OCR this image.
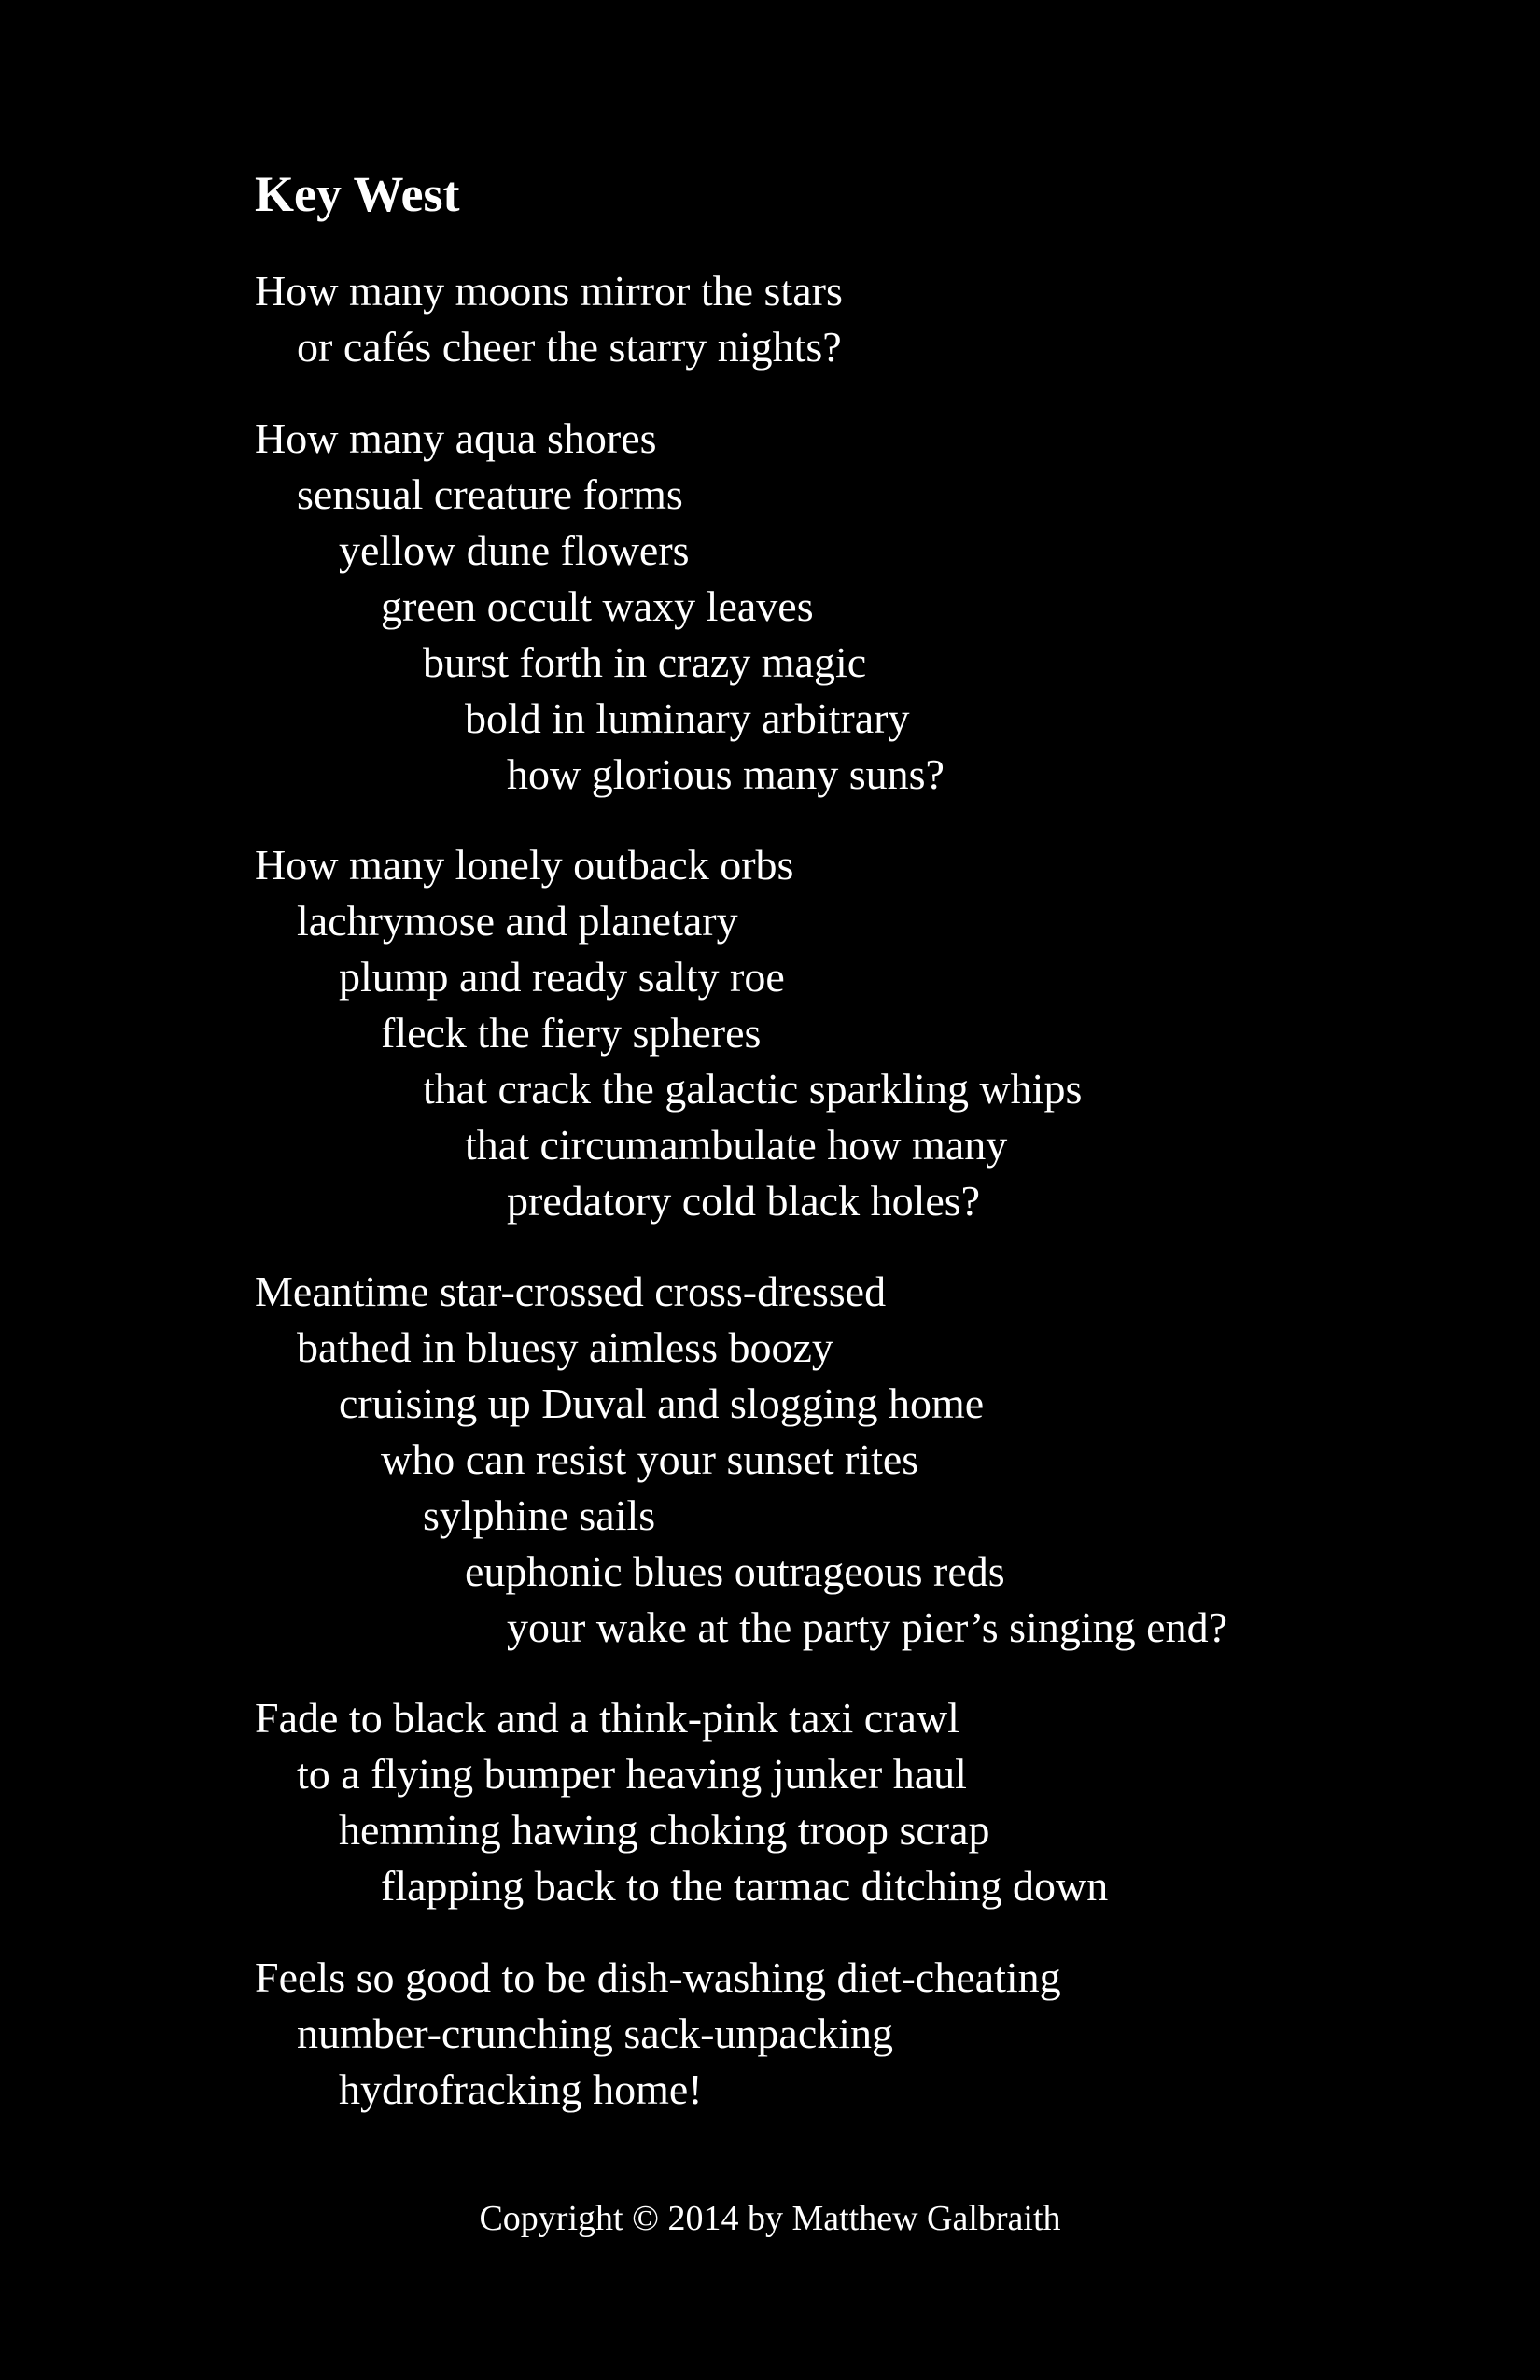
Key West
How many moons mirror the stars
or cafés cheer the starry nights?
How many aqua shores
sensual creature forms
yellow dune flowers
green occult waxy leaves
burst forth in crazy magic
bold in luminary arbitrary
how glorious many suns?
How many lonely outback orbs
lachrymose and planetary
plump and ready salty roe
fleck the fiery spheres
that crack the galactic sparkling whips
that circumambulate how many
predatory cold black holes?
Meantime star-crossed cross-dressed
bathed in bluesy aimless boozy
cruising up Duval and slogging home
who can resist your sunset rites
sylphine sails
euphonic blues outrageous reds
your wake at the party pier’s singing end?
Fade to black and a think-pink taxi crawl
to a flying bumper heaving junker haul
hemming hawing choking troop scrap
flapping back to the tarmac ditching down
Feels so good to be dish-washing diet-cheating
number-crunching sack-unpacking
hydrofracking home!

Copyright © 2014 by Matthew Galbraith
